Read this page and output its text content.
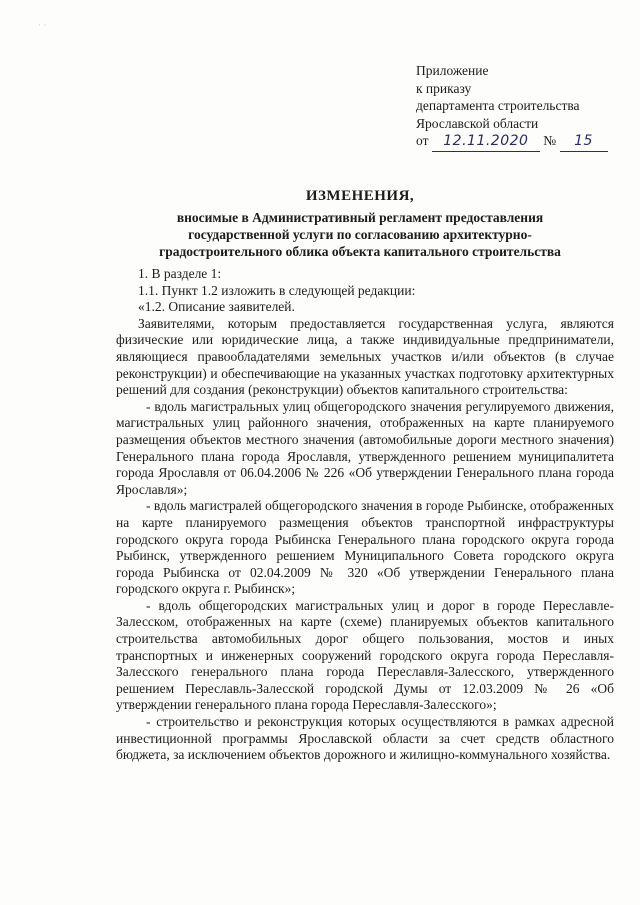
· ·
Приложение
к приказу
департамента строительства
Ярославской области
от 12.11.2020 № 15
ИЗМЕНЕНИЯ,
вносимые в Административный регламент предоставления
государственной услуги по согласованию архитектурно-
градостроительного облика объекта капитального строительства

1. В разделе 1:

1.1. Пункт 1.2 изложить в следующей редакции:

«1.2. Описание заявителей.

Заявителями, которым предоставляется государственная услуга, являются физические или юридические лица, а также индивидуальные предприниматели, являющиеся правообладателями земельных участков и/или объектов (в случае реконструкции) и обеспечивающие на указанных участках подготовку архитектурных решений для создания (реконструкции) объектов капитального строительства:

- вдоль магистральных улиц общегородского значения регулируемого движения, магистральных улиц районного значения, отображенных на карте планируемого размещения объектов местного значения (автомобильные дороги местного значения) Генерального плана города Ярославля, утвержденного решением муниципалитета города Ярославля от 06.04.2006 № 226 «Об утверждении Генерального плана города Ярославля»;

- вдоль магистралей общегородского значения в городе Рыбинске, отображенных на карте планируемого размещения объектов транспортной инфраструктуры городского округа города Рыбинска Генерального плана городского округа города Рыбинск, утвержденного решением Муниципального Совета городского округа города Рыбинска от 02.04.2009 № 320 «Об утверждении Генерального плана городского округа г. Рыбинск»;

- вдоль общегородских магистральных улиц и дорог в городе Переславле-Залесском, отображенных на карте (схеме) планируемых объектов капитального строительства автомобильных дорог общего пользования, мостов и иных транспортных и инженерных сооружений городского округа города Переславля-Залесского генерального плана города Переславля-Залесского, утвержденного решением Переславль-Залесской городской Думы от 12.03.2009 № 26 «Об утверждении генерального плана города Переславля-Залесского»;

- строительство и реконструкция которых осуществляются в рамках адресной инвестиционной программы Ярославской области за счет средств областного бюджета, за исключением объектов дорожного и жилищно-коммунального хозяйства.
